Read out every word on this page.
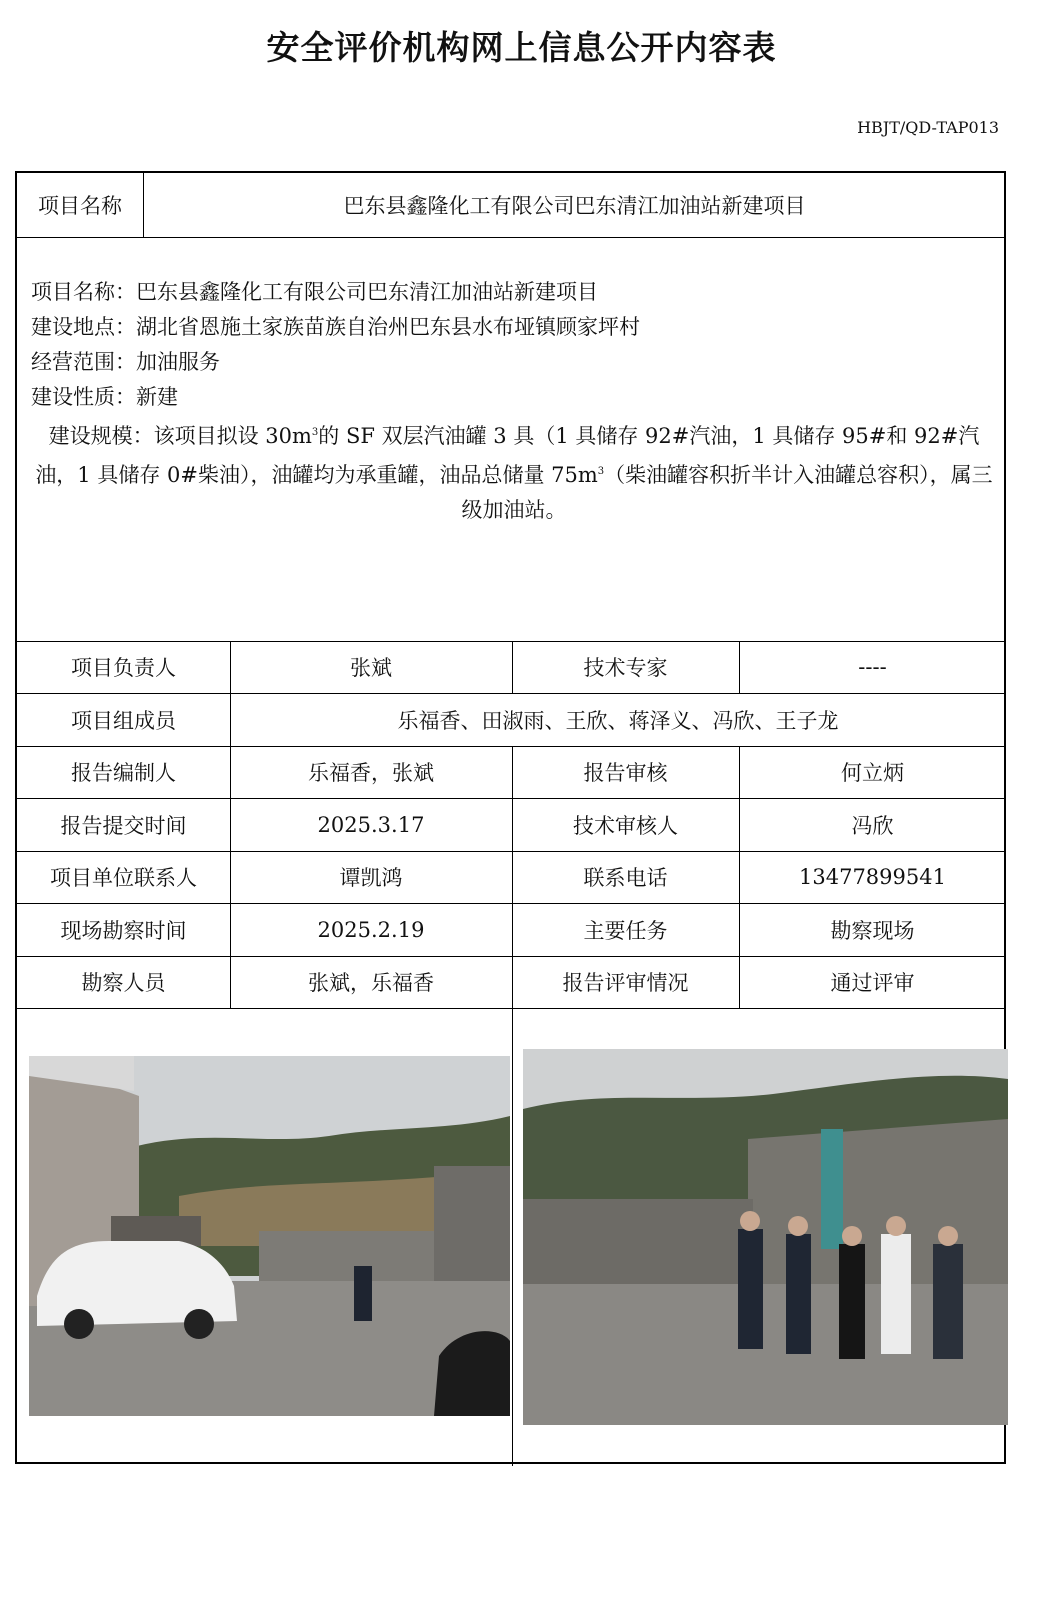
安全评价机构网上信息公开内容表
HBJT/QD-TAP013
项目名称	巴东县鑫隆化工有限公司巴东清江加油站新建项目
项目名称：巴东县鑫隆化工有限公司巴东清江加油站新建项目
建设地点：湖北省恩施土家族苗族自治州巴东县水布垭镇顾家坪村
经营范围：加油服务
建设性质：新建
建设规模：该项目拟设 $30m^3$的 SF 双层汽油罐 3 具（1 具储存 92#汽油，1 具储存 95#和 92#汽油，1 具储存 0#柴油），油罐均为承重罐，油品总储量 $75m^3$（柴油罐容积折半计入油罐总容积），属三级加油站。
项目负责人	张斌	技术专家	----
项目组成员	乐福香、田淑雨、王欣、蒋泽义、冯欣、王子龙
报告编制人	乐福香，张斌	报告审核	何立炳
报告提交时间	2025.3.17	技术审核人	冯欣
项目单位联系人	谭凯鸿	联系电话	13477899541
现场勘察时间	2025.2.19	主要任务	勘察现场
勘察人员	张斌，乐福香	报告评审情况	通过评审
